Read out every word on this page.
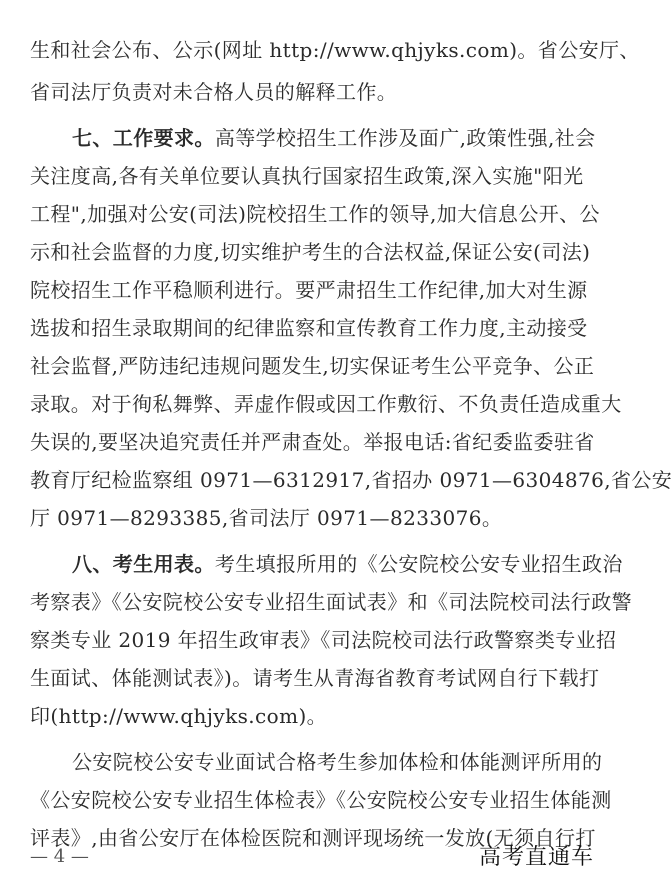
生和社会公布、公示(网址 http://www.qhjyks.com)。省公安厅、
省司法厅负责对未合格人员的解释工作。
七、工作要求。高等学校招生工作涉及面广,政策性强,社会
关注度高,各有关单位要认真执行国家招生政策,深入实施"阳光
工程",加强对公安(司法)院校招生工作的领导,加大信息公开、公
示和社会监督的力度,切实维护考生的合法权益,保证公安(司法)
院校招生工作平稳顺利进行。要严肃招生工作纪律,加大对生源
选拔和招生录取期间的纪律监察和宣传教育工作力度,主动接受
社会监督,严防违纪违规问题发生,切实保证考生公平竞争、公正
录取。对于徇私舞弊、弄虚作假或因工作敷衍、不负责任造成重大
失误的,要坚决追究责任并严肃查处。举报电话:省纪委监委驻省
教育厅纪检监察组 0971—6312917,省招办 0971—6304876,省公安
厅 0971—8293385,省司法厅 0971—8233076。
八、考生用表。考生填报所用的《公安院校公安专业招生政治
考察表》《公安院校公安专业招生面试表》和《司法院校司法行政警
察类专业 2019 年招生政审表》《司法院校司法行政警察类专业招
生面试、体能测试表》)。请考生从青海省教育考试网自行下载打
印(http://www.qhjyks.com)。
公安院校公安专业面试合格考生参加体检和体能测评所用的
《公安院校公安专业招生体检表》《公安院校公安专业招生体能测
评表》,由省公安厅在体检医院和测评现场统一发放(无须自行打
— 4 —	高考直通车
